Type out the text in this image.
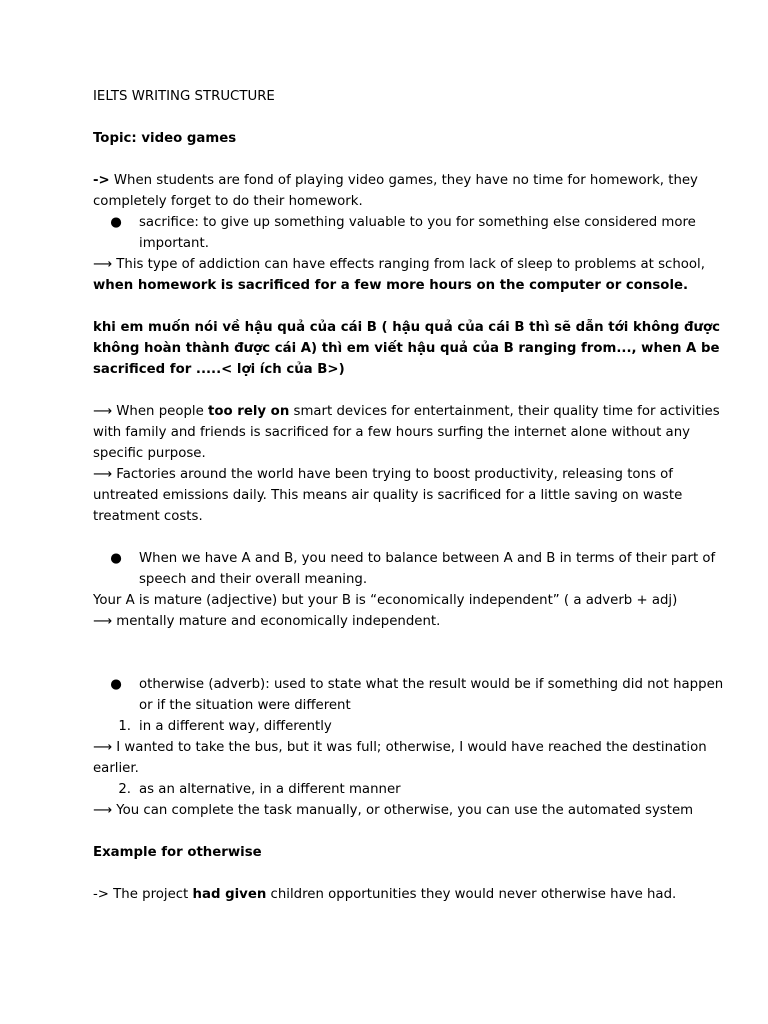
IELTS WRITING STRUCTURE

Topic: video games

-> When students are fond of playing video games, they have no time for homework, they completely forget to do their homework.

●	sacrifice: to give up something valuable to you for something else considered more important.

⟶ This type of addiction can have effects ranging from lack of sleep to problems at school, when homework is sacrificed for a few more hours on the computer or console.

khi em muốn nói về hậu quả của cái B ( hậu quả của cái B thì sẽ dẫn tới không được không hoàn thành được cái A) thì em viết hậu quả của B ranging from..., when A be sacrificed for .....< lợi ích của B>)

⟶ When people too rely on smart devices for entertainment, their quality time for activities with family and friends is sacrificed for a few hours surfing the internet alone without any specific purpose.

⟶ Factories around the world have been trying to boost productivity, releasing tons of untreated emissions daily. This means air quality is sacrificed for a little saving on waste treatment costs.

●	When we have A and B, you need to balance between A and B in terms of their part of speech and their overall meaning.

Your A is mature (adjective) but your B is “economically independent” ( a adverb + adj)

⟶ mentally mature and economically independent.

●	otherwise (adverb): used to state what the result would be if something did not happen or if the situation were different
1. in a different way, differently

⟶ I wanted to take the bus, but it was full; otherwise, I would have reached the destination earlier.

2. as an alternative, in a different manner

⟶ You can complete the task manually, or otherwise, you can use the automated system

Example for otherwise

-> The project had given children opportunities they would never otherwise have had.
